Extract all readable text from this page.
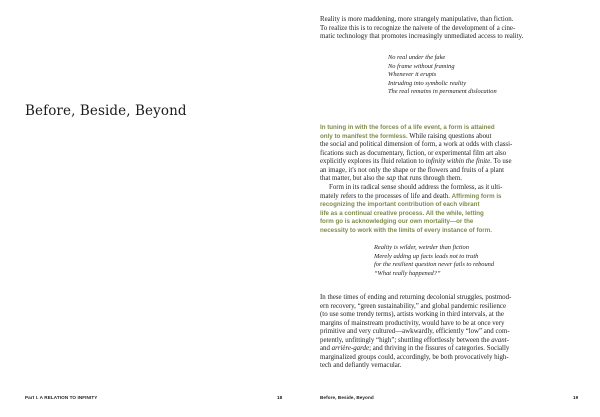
Before, Beside, Beyond
Part I. A RELATION TO INFINITY	18
Reality is more maddening, more strangely manipulative, than fiction.
To realize this is to recognize the naivete of the development of a cine-
matic technology that promotes increasingly unmediated access to reality.
No real under the fake
No frame without framing
Whenever it erupts
Intruding into symbolic reality
The real remains in permanent dislocation
In tuning in with the forces of a life event, a form is attained
only to manifest the formless. While raising questions about
the social and political dimension of form, a work at odds with classi-
fications such as documentary, fiction, or experimental film art also
explicitly explores its fluid relation to infinity within the finite. To use
an image, it's not only the shape or the flowers and fruits of a plant
that matter, but also the sap that runs through them.
Form in its radical sense should address the formless, as it ulti-
mately refers to the processes of life and death. Affirming form is
recognizing the important contribution of each vibrant
life as a continual creative process. All the while, letting
form go is acknowledging our own mortality—or the
necessity to work with the limits of every instance of form.
Reality is wilder, weirder than fiction
Merely adding up facts leads not to truth
for the resilient question never fails to rebound
“What really happened?”
In these times of ending and returning decolonial struggles, postmod-
ern recovery, “green sustainability,” and global pandemic resilience
(to use some trendy terms), artists working in third intervals, at the
margins of mainstream productivity, would have to be at once very
primitive and very cultured—awkwardly, efficiently “low” and com-
petently, unfittingly “high”; shuttling effortlessly between the avant-
and arrière-garde; and thriving in the fissures of categories. Socially
marginalized groups could, accordingly, be both provocatively high-
tech and defiantly vernacular.
Before, Beside, Beyond	19
